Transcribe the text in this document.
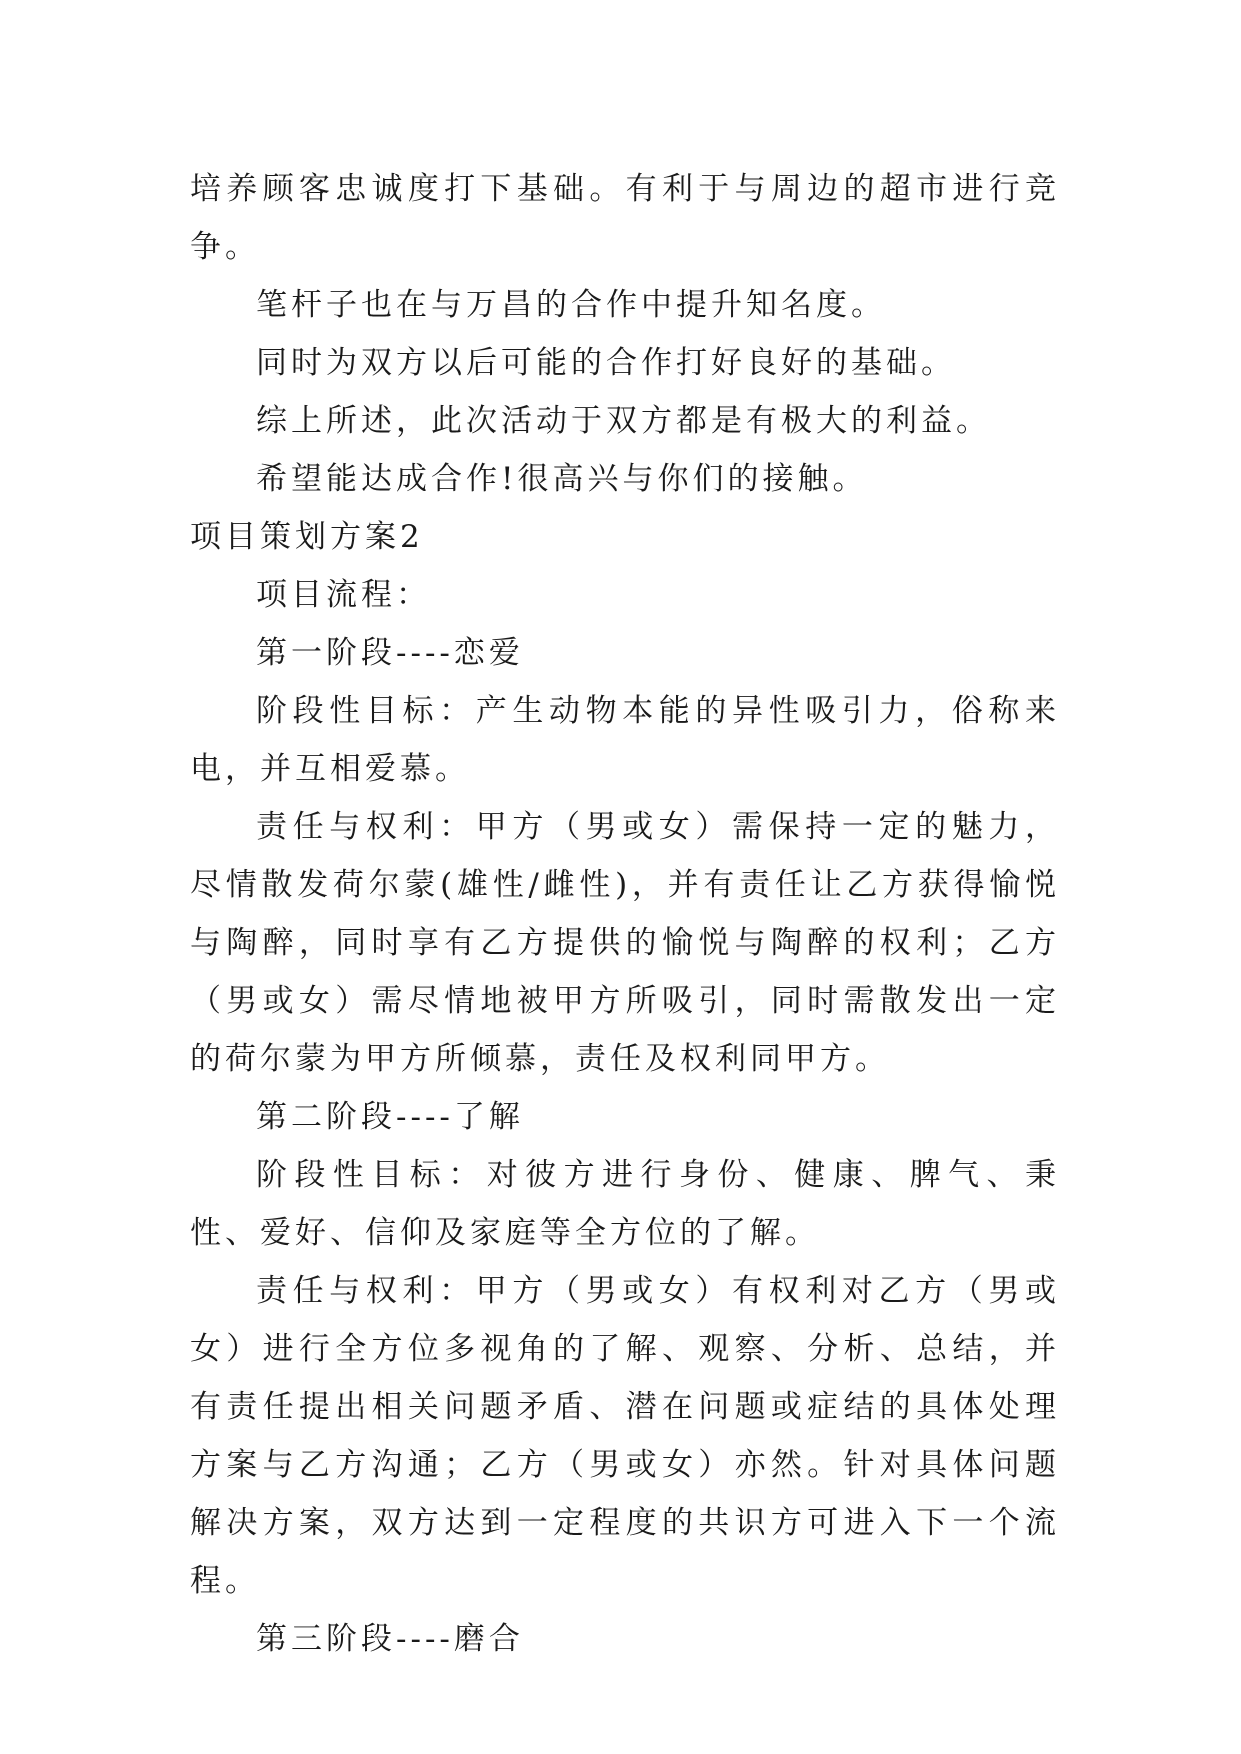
培养顾客忠诚度打下基础。有利于与周边的超市进行竞争。

笔杆子也在与万昌的合作中提升知名度。

同时为双方以后可能的合作打好良好的基础。

综上所述，此次活动于双方都是有极大的利益。

希望能达成合作!很高兴与你们的接触。

项目策划方案2

项目流程：

第一阶段----恋爱

阶段性目标：产生动物本能的异性吸引力，俗称来电，并互相爱慕。

责任与权利：甲方（男或女）需保持一定的魅力，尽情散发荷尔蒙(雄性/雌性)，并有责任让乙方获得愉悦与陶醉，同时享有乙方提供的愉悦与陶醉的权利；乙方（男或女）需尽情地被甲方所吸引，同时需散发出一定的荷尔蒙为甲方所倾慕，责任及权利同甲方。

第二阶段----了解

阶段性目标：对彼方进行身份、健康、脾气、秉性、爱好、信仰及家庭等全方位的了解。

责任与权利：甲方（男或女）有权利对乙方（男或女）进行全方位多视角的了解、观察、分析、总结，并有责任提出相关问题矛盾、潜在问题或症结的具体处理方案与乙方沟通；乙方（男或女）亦然。针对具体问题解决方案，双方达到一定程度的共识方可进入下一个流程。

第三阶段----磨合
